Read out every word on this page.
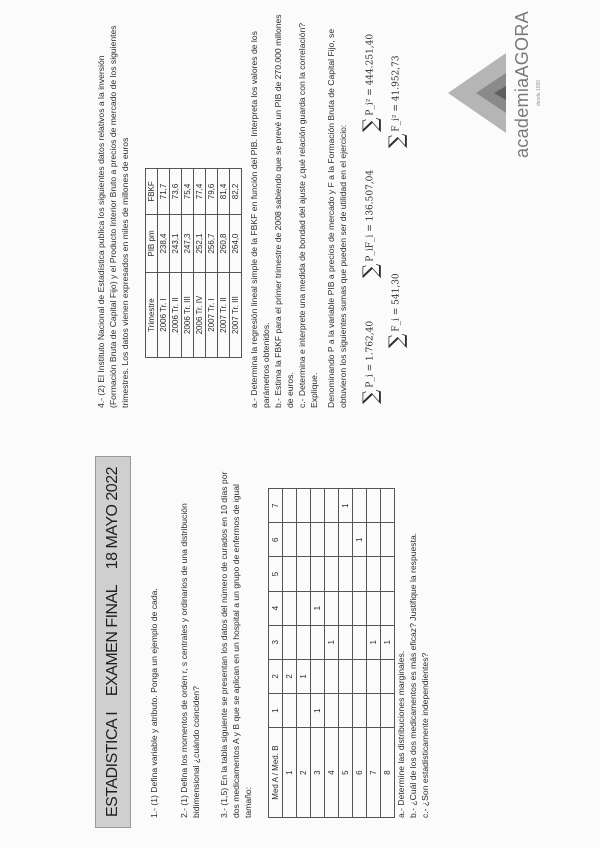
ESTADISTICA I
EXAMEN FINAL
18 MAYO 2022

1.- (1) Defina variable y atributo. Ponga un ejemplo de cada. 2.- (1) Defina los momentos de orden r, s centrales y ordinarios de una distribución bidimensional ¿cuándo coinciden? 3.- (1,5) En la tabla siguiente se presentan los datos del número de curados en 10 días por dos medicamentos A y B que se aplican en un hospital a un grupo de enfermos de igual tamaño:

Med A / Med. B	1	2	3	4	5	6	7
1		2					
2		1					
3	1			1			
4			1				
5							1
6						1	
7			1				
8			1				

a.- Determine las distribuciones marginales. b.- ¿Cuál de los dos medicamentos es más eficaz? Justifique la respuesta. c.- ¿Son estadísticamente independientes?

4.- (2) El Instituto Nacional de Estadística publica los siguientes datos relativos a la inversión (Formación Bruta de Capital Fijo) y el Producto Interior Bruto a precios de mercado de los siguientes trimestres. Los datos vienen expresados en miles de millones de euros Trimestre	PIB pm	FBKF
2006 Tr. I	238,4	71,7
2006 Tr. II	243,1	73,6
2006 Tr. III	247,3	75,4
2006 Tr. IV	252,1	77,4
2007 Tr. I	256,7	79,6
2007 Tr. II	260,8	81,4
2007 Tr. III	264,0	82,2 a.- Determina la regresión lineal simple de la FBKF en función del PIB. Interpreta los valores de los parámetros obtenidos. b.- Estima la FBKF para el primer trimestre de 2008 sabiendo que se prevé un PIB de 270.000 millones de euros. c.- Determina e interprete una medida de bondad del ajuste ¿qué relación guarda con la correlación? Explique. Denominando P a la variable PIB a precios de mercado y F a la Formación Bruta de Capital Fijo, se obtuvieron los siguientes sumas que pueden ser de utilidad en el ejercicio: ∑P_i = 1.762,40
∑P_iF_i = 136.507,04
∑P_i² = 444.251,40
∑F_i = 541,30
∑F_i² = 41.952,73	academiaAGORA desde 1988
